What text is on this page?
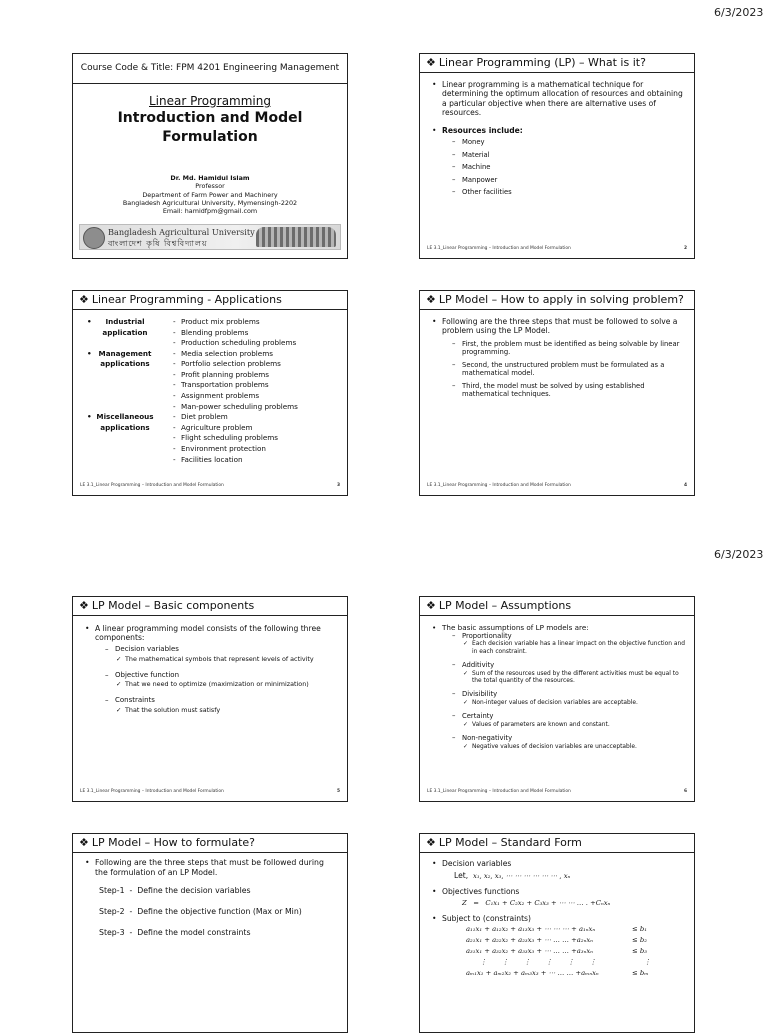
6/3/2023
6/3/2023
Course Code & Title: FPM 4201 Engineering Management
Linear Programming
Introduction and Model
Formulation
Dr. Md. Hamidul Islam
Professor
Department of Farm Power and Machinery
Bangladesh Agricultural University, Mymensingh-2202
Email: hamidfpm@gmail.com
Bangladesh Agricultural University
বাংলাদেশ কৃষি বিশ্ববিদ্যালয়
❖ Linear Programming (LP) – What is it?
• Linear programming is a mathematical technique for determining the optimum allocation of resources and obtaining a particular objective when there are alternative uses of resources.
• Resources include:
– Money
– Material
– Machine
– Manpower
– Other facilities
LE 3.1_Linear Programming – Introduction and Model Formulation	2
❖ Linear Programming - Applications
•	Industrial application
- Product mix problems
- Blending problems
- Production scheduling problems
• Management applications
- Media selection problems
- Portfolio selection problems
- Profit planning problems
- Transportation problems
- Assignment problems
- Man-power scheduling problems
• Miscellaneous applications
- Diet problem
- Agriculture problem
- Flight scheduling problems
- Environment protection
- Facilities location
LE 3.1_Linear Programming – Introduction and Model Formulation	3
❖ LP Model – How to apply in solving problem?
• Following are the three steps that must be followed to solve a problem using the LP Model.
– First, the problem must be identified as being solvable by linear programming.
– Second, the unstructured problem must be formulated as a mathematical model.
– Third, the model must be solved by using established mathematical techniques.
LE 3.1_Linear Programming – Introduction and Model Formulation	4
❖ LP Model – Basic components
• A linear programming model consists of the following three components:
– Decision variables
✓ The mathematical symbols that represent levels of activity
– Objective function
✓ That we need to optimize (maximization or minimization)
– Constraints
✓ That the solution must satisfy
LE 3.1_Linear Programming – Introduction and Model Formulation	5
❖ LP Model – Assumptions
• The basic assumptions of LP models are:
– Proportionality
✓ Each decision variable has a linear impact on the objective function and in each constraint.
– Additivity
✓ Sum of the resources used by the different activities must be equal to the total quantity of the resources.
– Divisibility
✓ Non-integer values of decision variables are acceptable.
– Certainty
✓ Values of parameters are known and constant.
– Non-negativity
✓ Negative values of decision variables are unacceptable.
LE 3.1_Linear Programming – Introduction and Model Formulation	6
❖ LP Model – How to formulate?
• Following are the three steps that must be followed during the formulation of an LP Model.
Step-1  -  Define the decision variables
Step-2  -  Define the objective function (Max or Min)
Step-3  -  Define the model constraints
❖ LP Model – Standard Form
• Decision variables
Let, x₁, x₂, x₃, ⋯ ⋯ ⋯ ⋯ ⋯ ⋯ , xₙ
• Objectives functions
Z   =   C₁x₁ + C₂x₂ + C₃x₃ + ⋯ ⋯ … . +Cₙxₙ
• Subject to (constraints)
a₁₁x₁ + a₁₂x₂ + a₁₃x₃ + ⋯ ⋯ ⋯ + a₁ₙxₙ	≤ b₁
a₂₁x₁ + a₂₂x₂ + a₂₃x₃ + ⋯ … … +a₂ₙxₙ	≤ b₂
a₃₁x₁ + a₃₂x₂ + a₃₃x₃ + ⋯ … … +a₃ₙxₙ	≤ b₃
⋮       ⋮       ⋮       ⋮       ⋮       ⋮	⋮
aₘ₁x₁ + aₘ₂x₂ + aₘ₃x₃ + ⋯ … … +aₘₙxₙ	≤ bₘ
